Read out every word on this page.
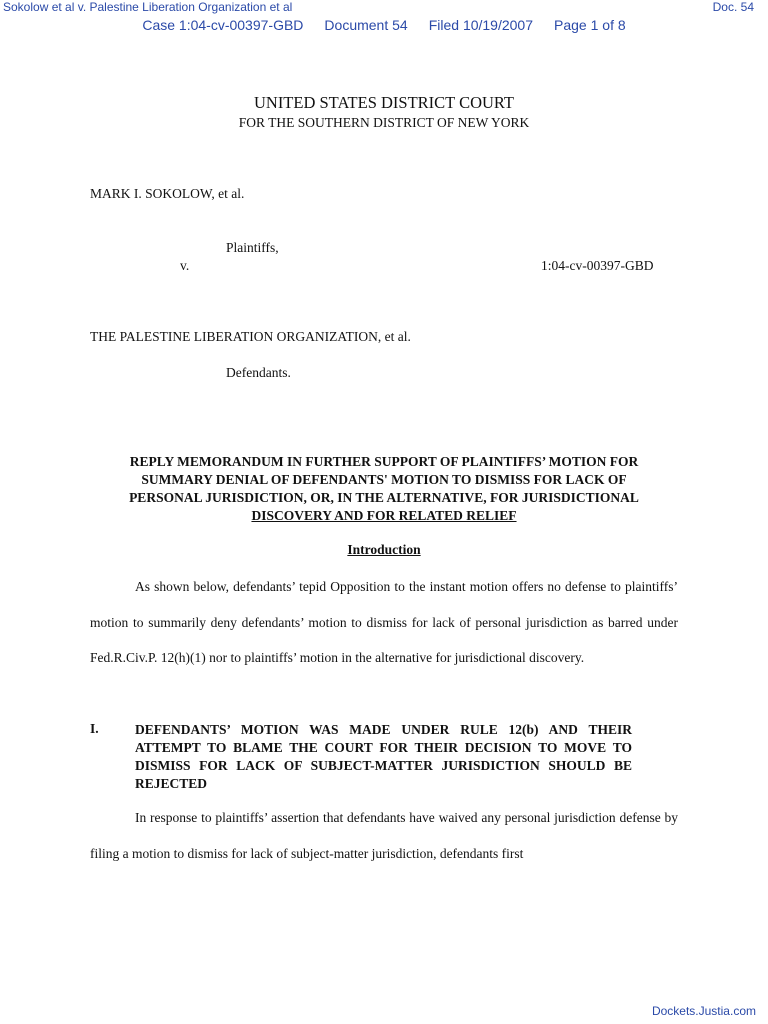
Sokolow et al v. Palestine Liberation Organization et al	Doc. 54
Case 1:04-cv-00397-GBD Document 54 Filed 10/19/2007 Page 1 of 8
UNITED STATES DISTRICT COURT
FOR THE SOUTHERN DISTRICT OF NEW YORK
MARK I. SOKOLOW, et al.
Plaintiffs,
v.	1:04-cv-00397-GBD
THE PALESTINE LIBERATION ORGANIZATION, et al.
Defendants.
REPLY MEMORANDUM IN FURTHER SUPPORT OF PLAINTIFFS’ MOTION FOR
SUMMARY DENIAL OF DEFENDANTS' MOTION TO DISMISS FOR LACK OF
PERSONAL JURISDICTION, OR, IN THE ALTERNATIVE, FOR JURISDICTIONAL
DISCOVERY AND FOR RELATED RELIEF
Introduction

As shown below, defendants’ tepid Opposition to the instant motion offers no defense to plaintiffs’ motion to summarily deny defendants’ motion to dismiss for lack of personal jurisdiction as barred under Fed.R.Civ.P. 12(h)(1) nor to plaintiffs’ motion in the alternative for jurisdictional discovery.

I.	DEFENDANTS’ MOTION WAS MADE UNDER RULE 12(b) AND THEIR ATTEMPT TO BLAME THE COURT FOR THEIR DECISION TO MOVE TO DISMISS FOR LACK OF SUBJECT-MATTER JURISDICTION SHOULD BE REJECTED

In response to plaintiffs’ assertion that defendants have waived any personal jurisdiction defense by filing a motion to dismiss for lack of subject-matter jurisdiction, defendants first

Dockets.Justia.com
